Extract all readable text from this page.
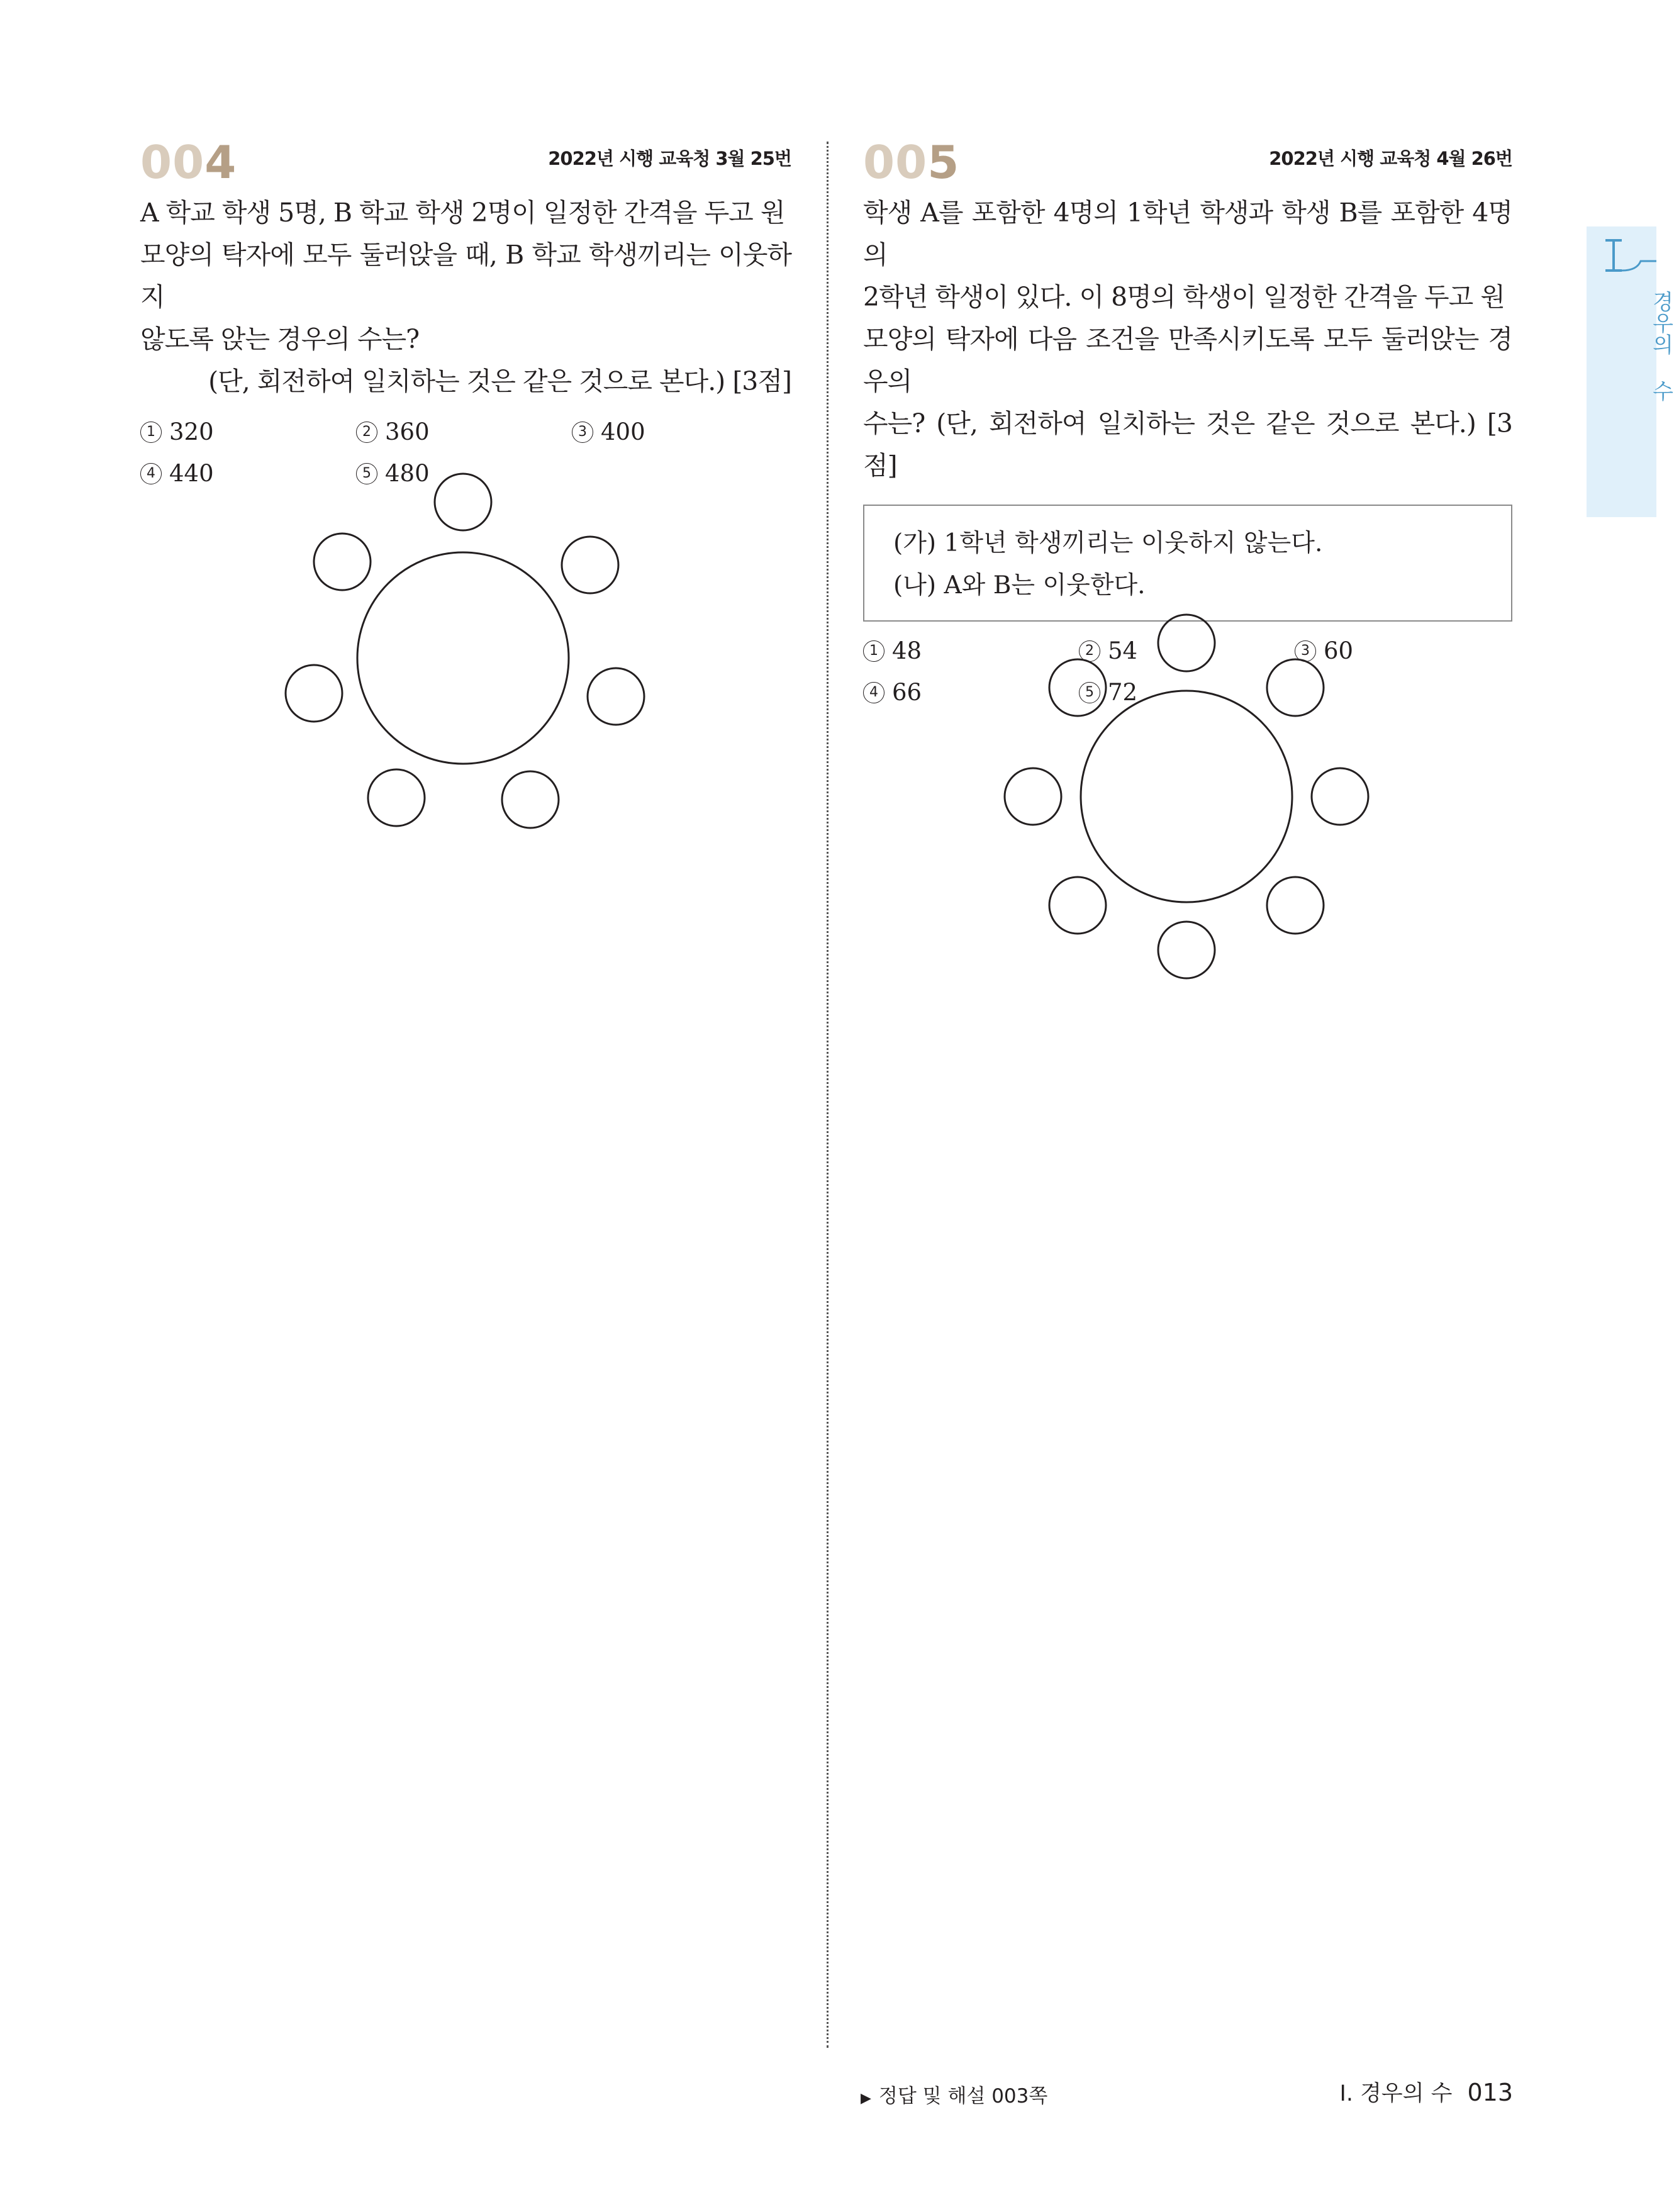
경우의 수
004	2022년 시행 교육청 3월 25번
A 학교 학생 5명, B 학교 학생 2명이 일정한 간격을 두고 원
모양의 탁자에 모두 둘러앉을 때, B 학교 학생끼리는 이웃하지
않도록 앉는 경우의 수는?
(단, 회전하여 일치하는 것은 같은 것으로 본다.) [3점]
1 320	2 360	3 400
4 440	5 480
005	2022년 시행 교육청 4월 26번
학생 A를 포함한 4명의 1학년 학생과 학생 B를 포함한 4명의
2학년 학생이 있다. 이 8명의 학생이 일정한 간격을 두고 원
모양의 탁자에 다음 조건을 만족시키도록 모두 둘러앉는 경우의
수는? (단, 회전하여 일치하는 것은 같은 것으로 본다.) [3점]
(가) 1학년 학생끼리는 이웃하지 않는다.
(나) A와 B는 이웃한다.
1 48	2 54	3 60
4 66	5 72
▶ 정답 및 해설 003쪽	I. 경우의 수 013
